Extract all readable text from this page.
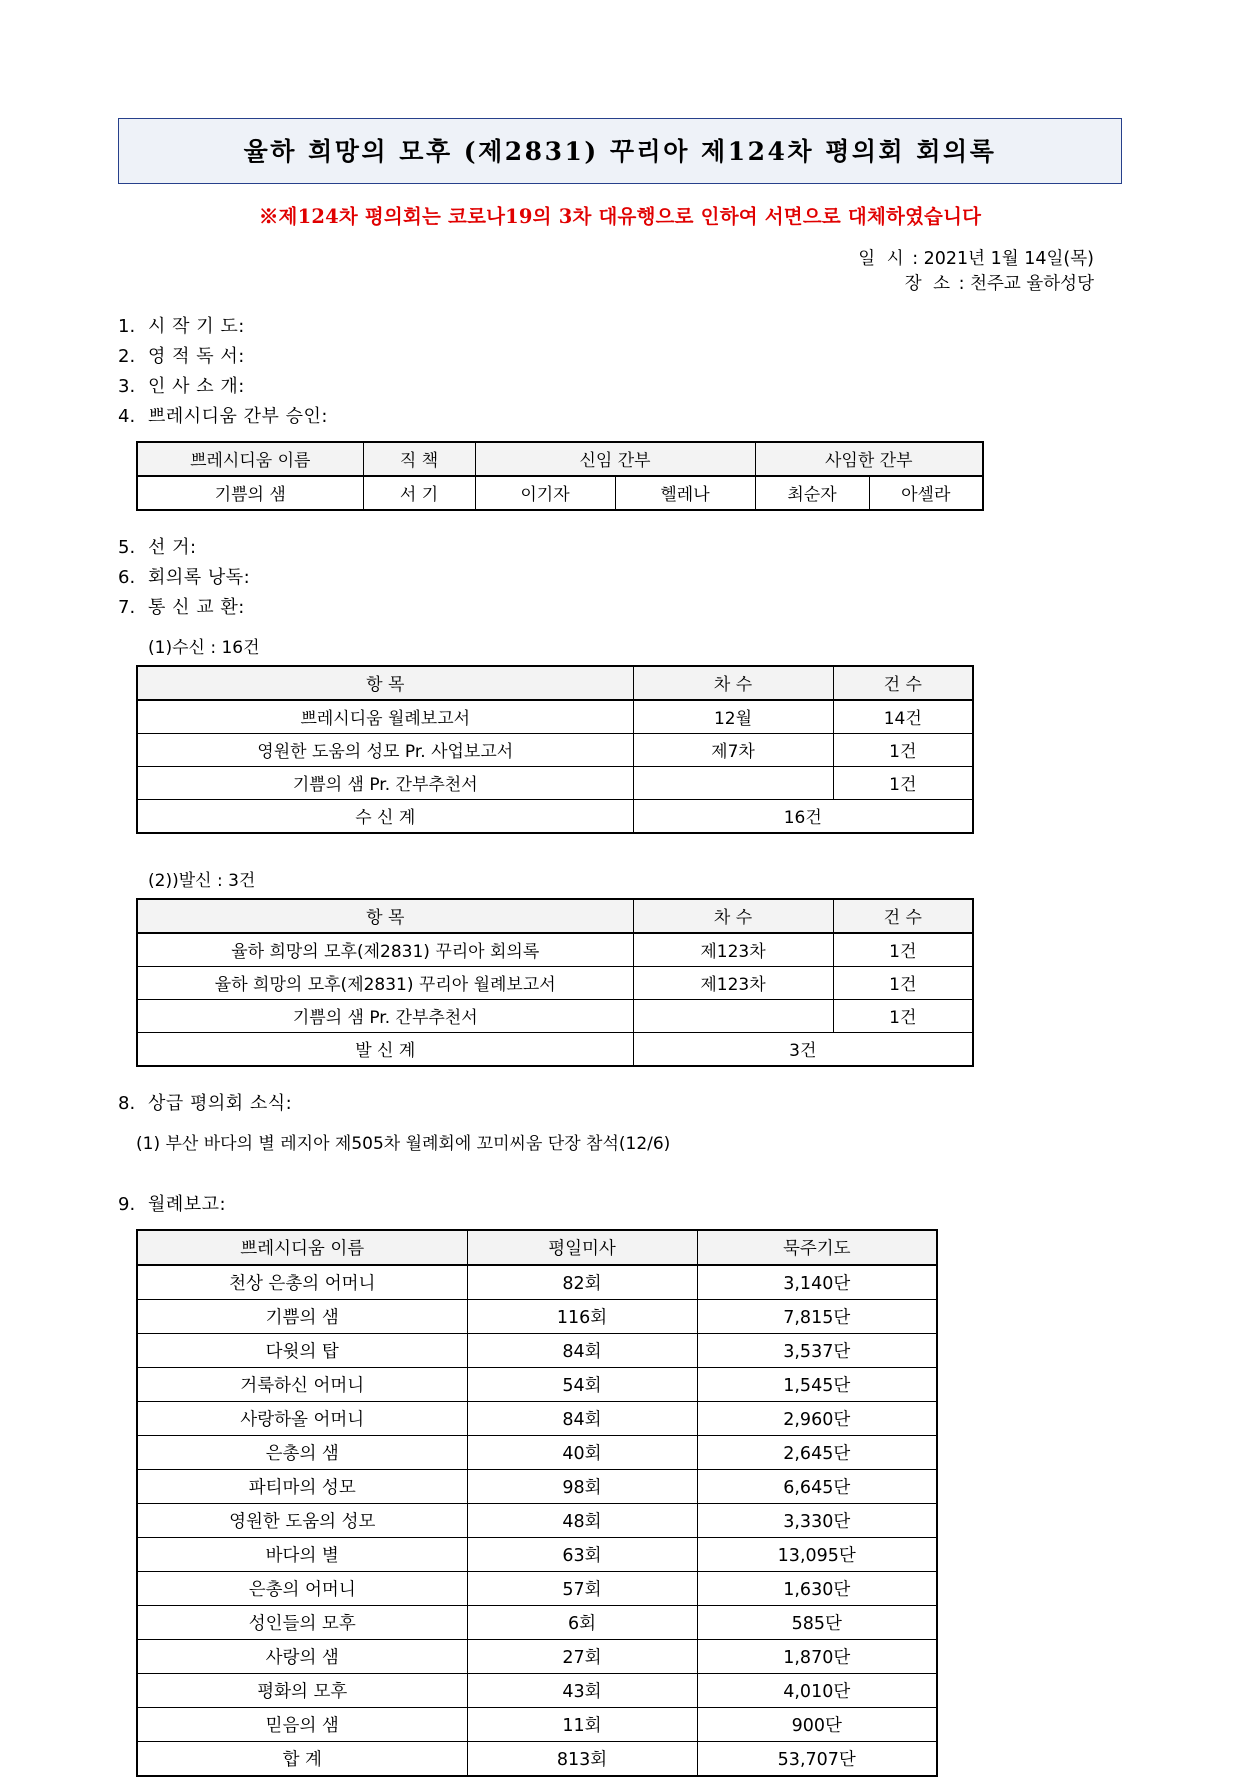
율하 희망의 모후 (제2831) 꾸리아 제124차 평의회 회의록
※제124차 평의회는 코로나19의 3차 대유행으로 인하여 서면으로 대체하였습니다
일 시 : 2021년 1월 14일(목)
장 소 : 천주교 율하성당
1. 시 작 기 도:
2. 영 적 독 서:
3. 인 사 소 개:
4. 쁘레시디움 간부 승인:
쁘레시디움 이름	직 책	신임 간부		사임한 간부	
기쁨의 샘	서 기	이기자	헬레나	최순자	아셀라
5. 선 거:
6. 회의록 낭독:
7. 통 신 교 환:
(1)수신 : 16건
항 목	차 수	건 수
쁘레시디움 월례보고서	12월	14건
영원한 도움의 성모 Pr. 사업보고서	제7차	1건
기쁨의 샘 Pr. 간부추천서		1건
수 신 계	16건	
(2))발신 : 3건
항 목	차 수	건 수
율하 희망의 모후(제2831) 꾸리아 회의록	제123차	1건
율하 희망의 모후(제2831) 꾸리아 월례보고서	제123차	1건
기쁨의 샘 Pr. 간부추천서		1건
발 신 계	3건	
8. 상급 평의회 소식:
(1) 부산 바다의 별 레지아 제505차 월례회에 꼬미씨움 단장 참석(12/6)
9. 월례보고:
쁘레시디움 이름	평일미사	묵주기도
천상 은총의 어머니	82회	3,140단
기쁨의 샘	116회	7,815단
다윗의 탑	84회	3,537단
거룩하신 어머니	54회	1,545단
사랑하올 어머니	84회	2,960단
은총의 샘	40회	2,645단
파티마의 성모	98회	6,645단
영원한 도움의 성모	48회	3,330단
바다의 별	63회	13,095단
은총의 어머니	57회	1,630단
성인들의 모후	6회	585단
사랑의 샘	27회	1,870단
평화의 모후	43회	4,010단
믿음의 샘	11회	900단
합 계	813회	53,707단
